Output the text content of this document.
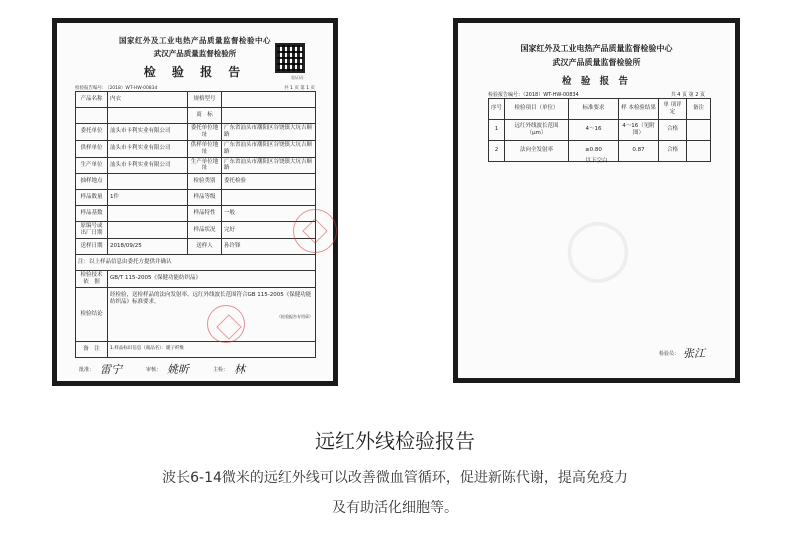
国家红外及工业电热产品质量监督检验中心
武汉产品质量监督检验所
检 验 报 告	验证码：
检验报告编号: （2018）WT-HW-00834	共 1 页 第 1 页
产品名称	内衣	规格型号	
		商　标	
委托单位	汕头市卡利实业有限公司	委托单位地　址	广东省汕头市潮阳区谷饶镇大坑吉顺路
供样单位	汕头市卡利实业有限公司	供样单位地　址	广东省汕头市潮阳区谷饶镇大坑吉顺路
生产单位	汕头市卡利实业有限公司	生产单位地　址	广东省汕头市潮阳区谷饶镇大坑吉顺路
抽样地点		检验类别	委托检验
样品数量	1件	样品等级	
样品基数		样品特性	一般
原编号或出厂日期		样品状况	完好
送样日期	2018/09/25	送样人	孙许锋
注：以上样品信息由委托方提供并确认			
检验技术依　据	GB/T 115-2005《保健功能纺织品》		
检验结论	经检验，送检样品的法向发射率、远红外线波长范围符合GB 115-2005《保健功能纺织品》标准要求。
（检验报告专用章）		

备　注	1.样品标识信息（商品名）：暖子纤维		
批准： 雷宁	审核： 姚昕	主检： 林
国家红外及工业电热产品质量监督检验中心
武汉产品质量监督检验所
检 验 报 告
检验报告编号：（2018）WT-HW-00834	共 4 页 第 2 页
序号	检验项目（单位）	标准要求	样 本检验结果	单 项评 定	备注
1	远红外线波长范围（μm）	4～16	4～16（见附图）	合格	
2	法向全发射率	≥0.80	0.87	合格	
以下空白
◯
检验员： 张江
远红外线检验报告
波长6-14微米的远红外线可以改善微血管循环，促进新陈代谢，提高免疫力
及有助活化细胞等。
